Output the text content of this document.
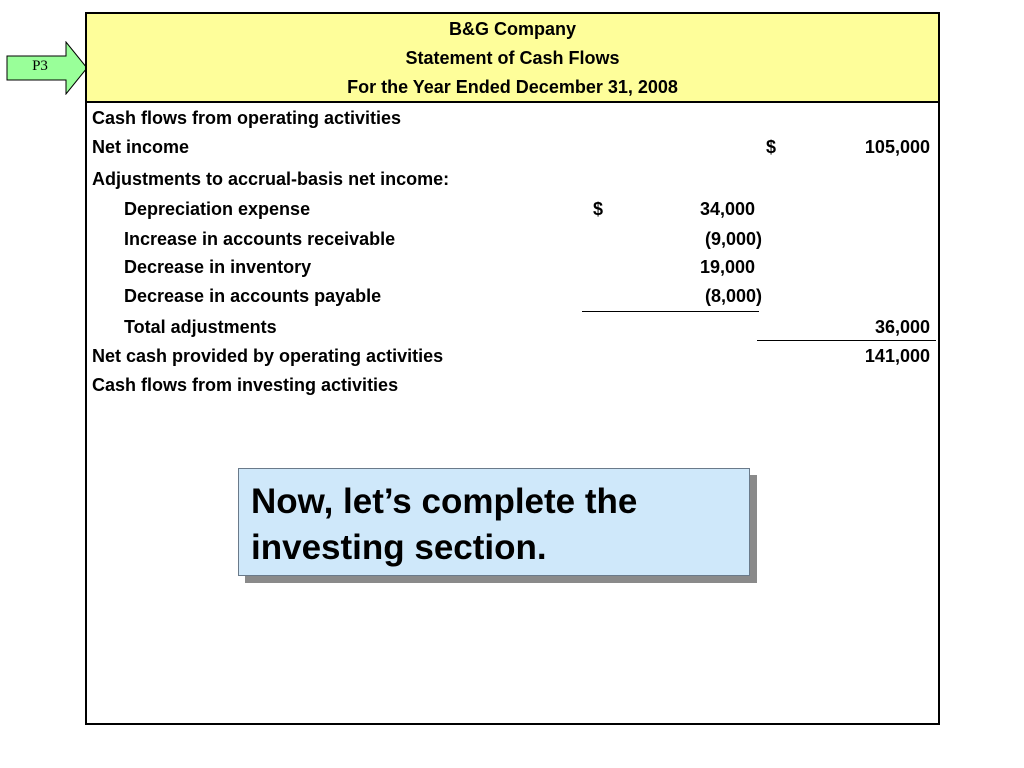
P3
B&G Company
Statement of Cash Flows
For the Year Ended December 31, 2008
Cash flows from operating activities
Net income	$	105,000
Adjustments to accrual-basis net income:
Depreciation expense	$	34,000
Increase in accounts receivable	(9,000)
Decrease in inventory	19,000
Decrease in accounts payable	(8,000)
Total adjustments	36,000
Net cash provided by operating activities	141,000
Cash flows from investing activities
Now, let’s complete the investing section.
